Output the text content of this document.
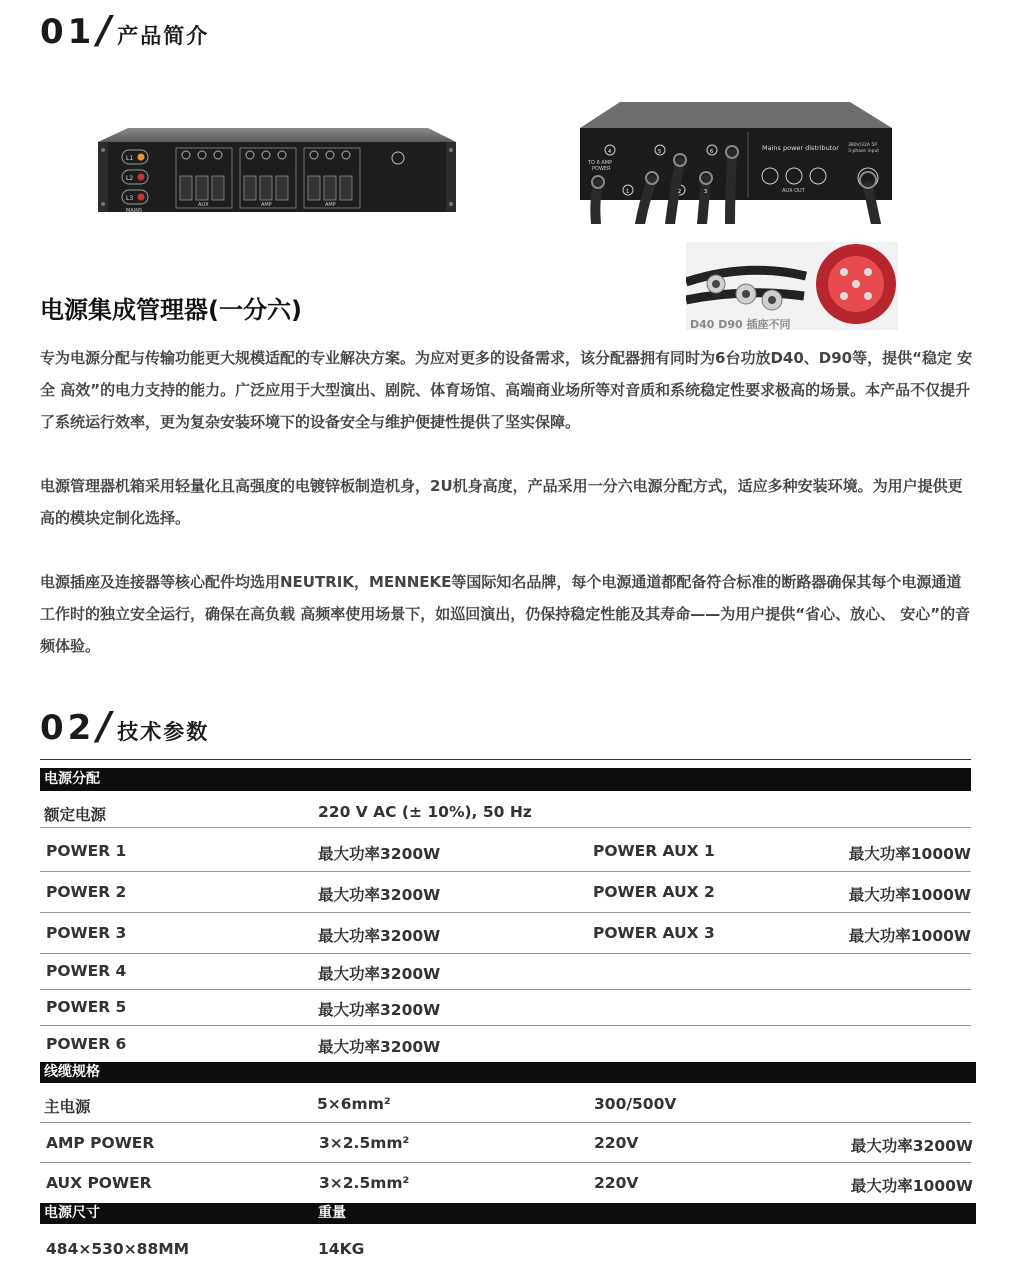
01 / 产品简介
L1
L2
L3
MAINS
AUX	AMP	AMP
TO 6 AMP
POWER
Mains power distributor 380V/32A 5P
3-phase input
AUX OUT
4	5	6
1	2	3
D40 D90 插座不同
电源集成管理器(一分六)
专为电源分配与传输功能更大规模适配的专业解决方案。为应对更多的设备需求，该分配器拥有同时为6台功放D40、D90等，提供“稳定 安全 高效”的电力支持的能力。广泛应用于大型演出、剧院、体育场馆、高端商业场所等对音质和系统稳定性要求极高的场景。本产品不仅提升了系统运行效率，更为复杂安装环境下的设备安全与维护便捷性提供了坚实保障。
电源管理器机箱采用轻量化且高强度的电镀锌板制造机身，2U机身高度，产品采用一分六电源分配方式，适应多种安装环境。为用户提供更高的模块定制化选择。
电源插座及连接器等核心配件均选用NEUTRIK，MENNEKE等国际知名品牌，每个电源通道都配备符合标准的断路器确保其每个电源通道工作时的独立安全运行，确保在高负载 高频率使用场景下，如巡回演出，仍保持稳定性能及其寿命——为用户提供“省心、放心、 安心”的音频体验。
02 / 技术参数
电源分配
额定电源	220 V AC (± 10%), 50 Hz
POWER 1	最大功率3200W	POWER AUX 1	最大功率1000W
POWER 2	最大功率3200W	POWER AUX 2	最大功率1000W
POWER 3	最大功率3200W	POWER AUX 3	最大功率1000W
POWER 4	最大功率3200W
POWER 5	最大功率3200W
POWER 6	最大功率3200W
线缆规格
主电源	5×6mm²	300/500V
AMP POWER	3×2.5mm²	220V	最大功率3200W
AUX POWER	3×2.5mm²	220V	最大功率1000W
电源尺寸	重量
484×530×88MM	14KG
